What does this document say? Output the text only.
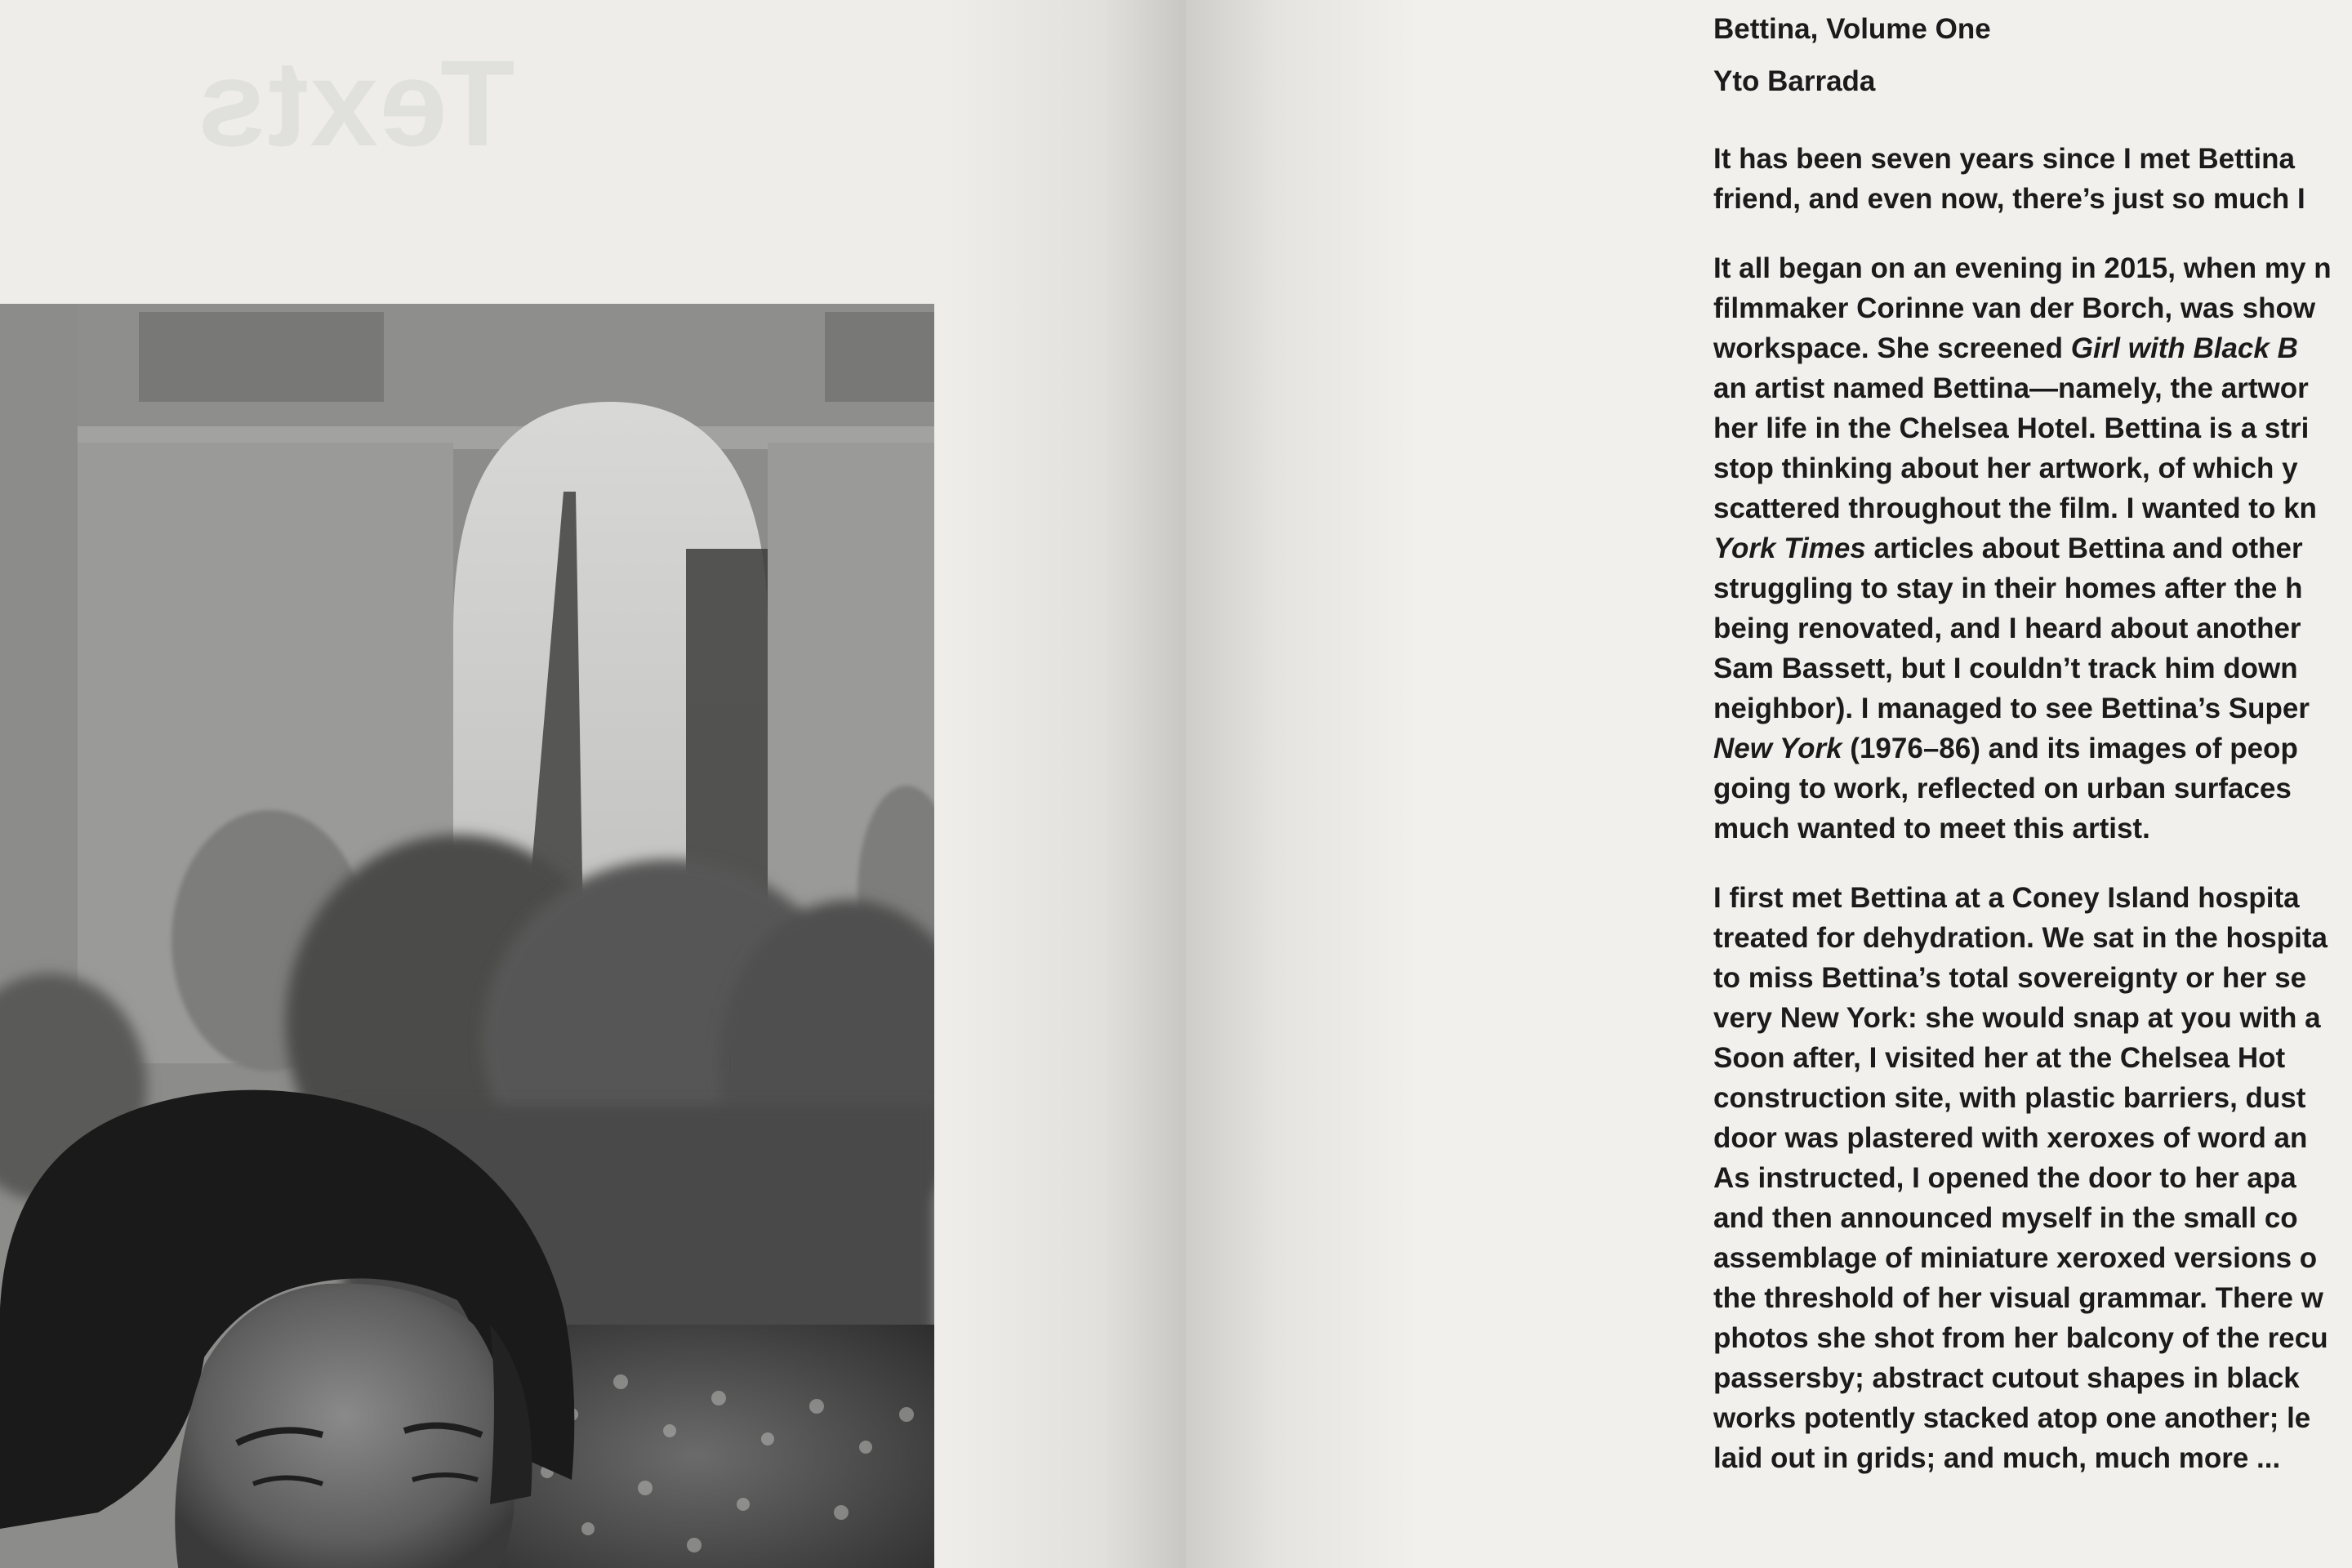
Texts
Bettina, Volume One
Yto Barrada
It has been seven years since I met Bettina
friend, and even now, there’s just so much I
It all began on an evening in 2015, when my n
filmmaker Corinne van der Borch, was show
workspace. She screened Girl with Black B
an artist named Bettina—namely, the artwor
her life in the Chelsea Hotel. Bettina is a stri
stop thinking about her artwork, of which y
scattered throughout the film. I wanted to kn
York Times articles about Bettina and other
struggling to stay in their homes after the h
being renovated, and I heard about another
Sam Bassett, but I couldn’t track him down
neighbor). I managed to see Bettina’s Super
New York (1976–86) and its images of peop
going to work, reflected on urban surfaces
much wanted to meet this artist.
I first met Bettina at a Coney Island hospita
treated for dehydration. We sat in the hospita
to miss Bettina’s total sovereignty or her se
very New York: she would snap at you with a
Soon after, I visited her at the Chelsea Hot
construction site, with plastic barriers, dust
door was plastered with xeroxes of word an
As instructed, I opened the door to her apa
and then announced myself in the small co
assemblage of miniature xeroxed versions o
the threshold of her visual grammar. There w
photos she shot from her balcony of the recu
passersby; abstract cutout shapes in black
works potently stacked atop one another; le
laid out in grids; and much, much more ...
